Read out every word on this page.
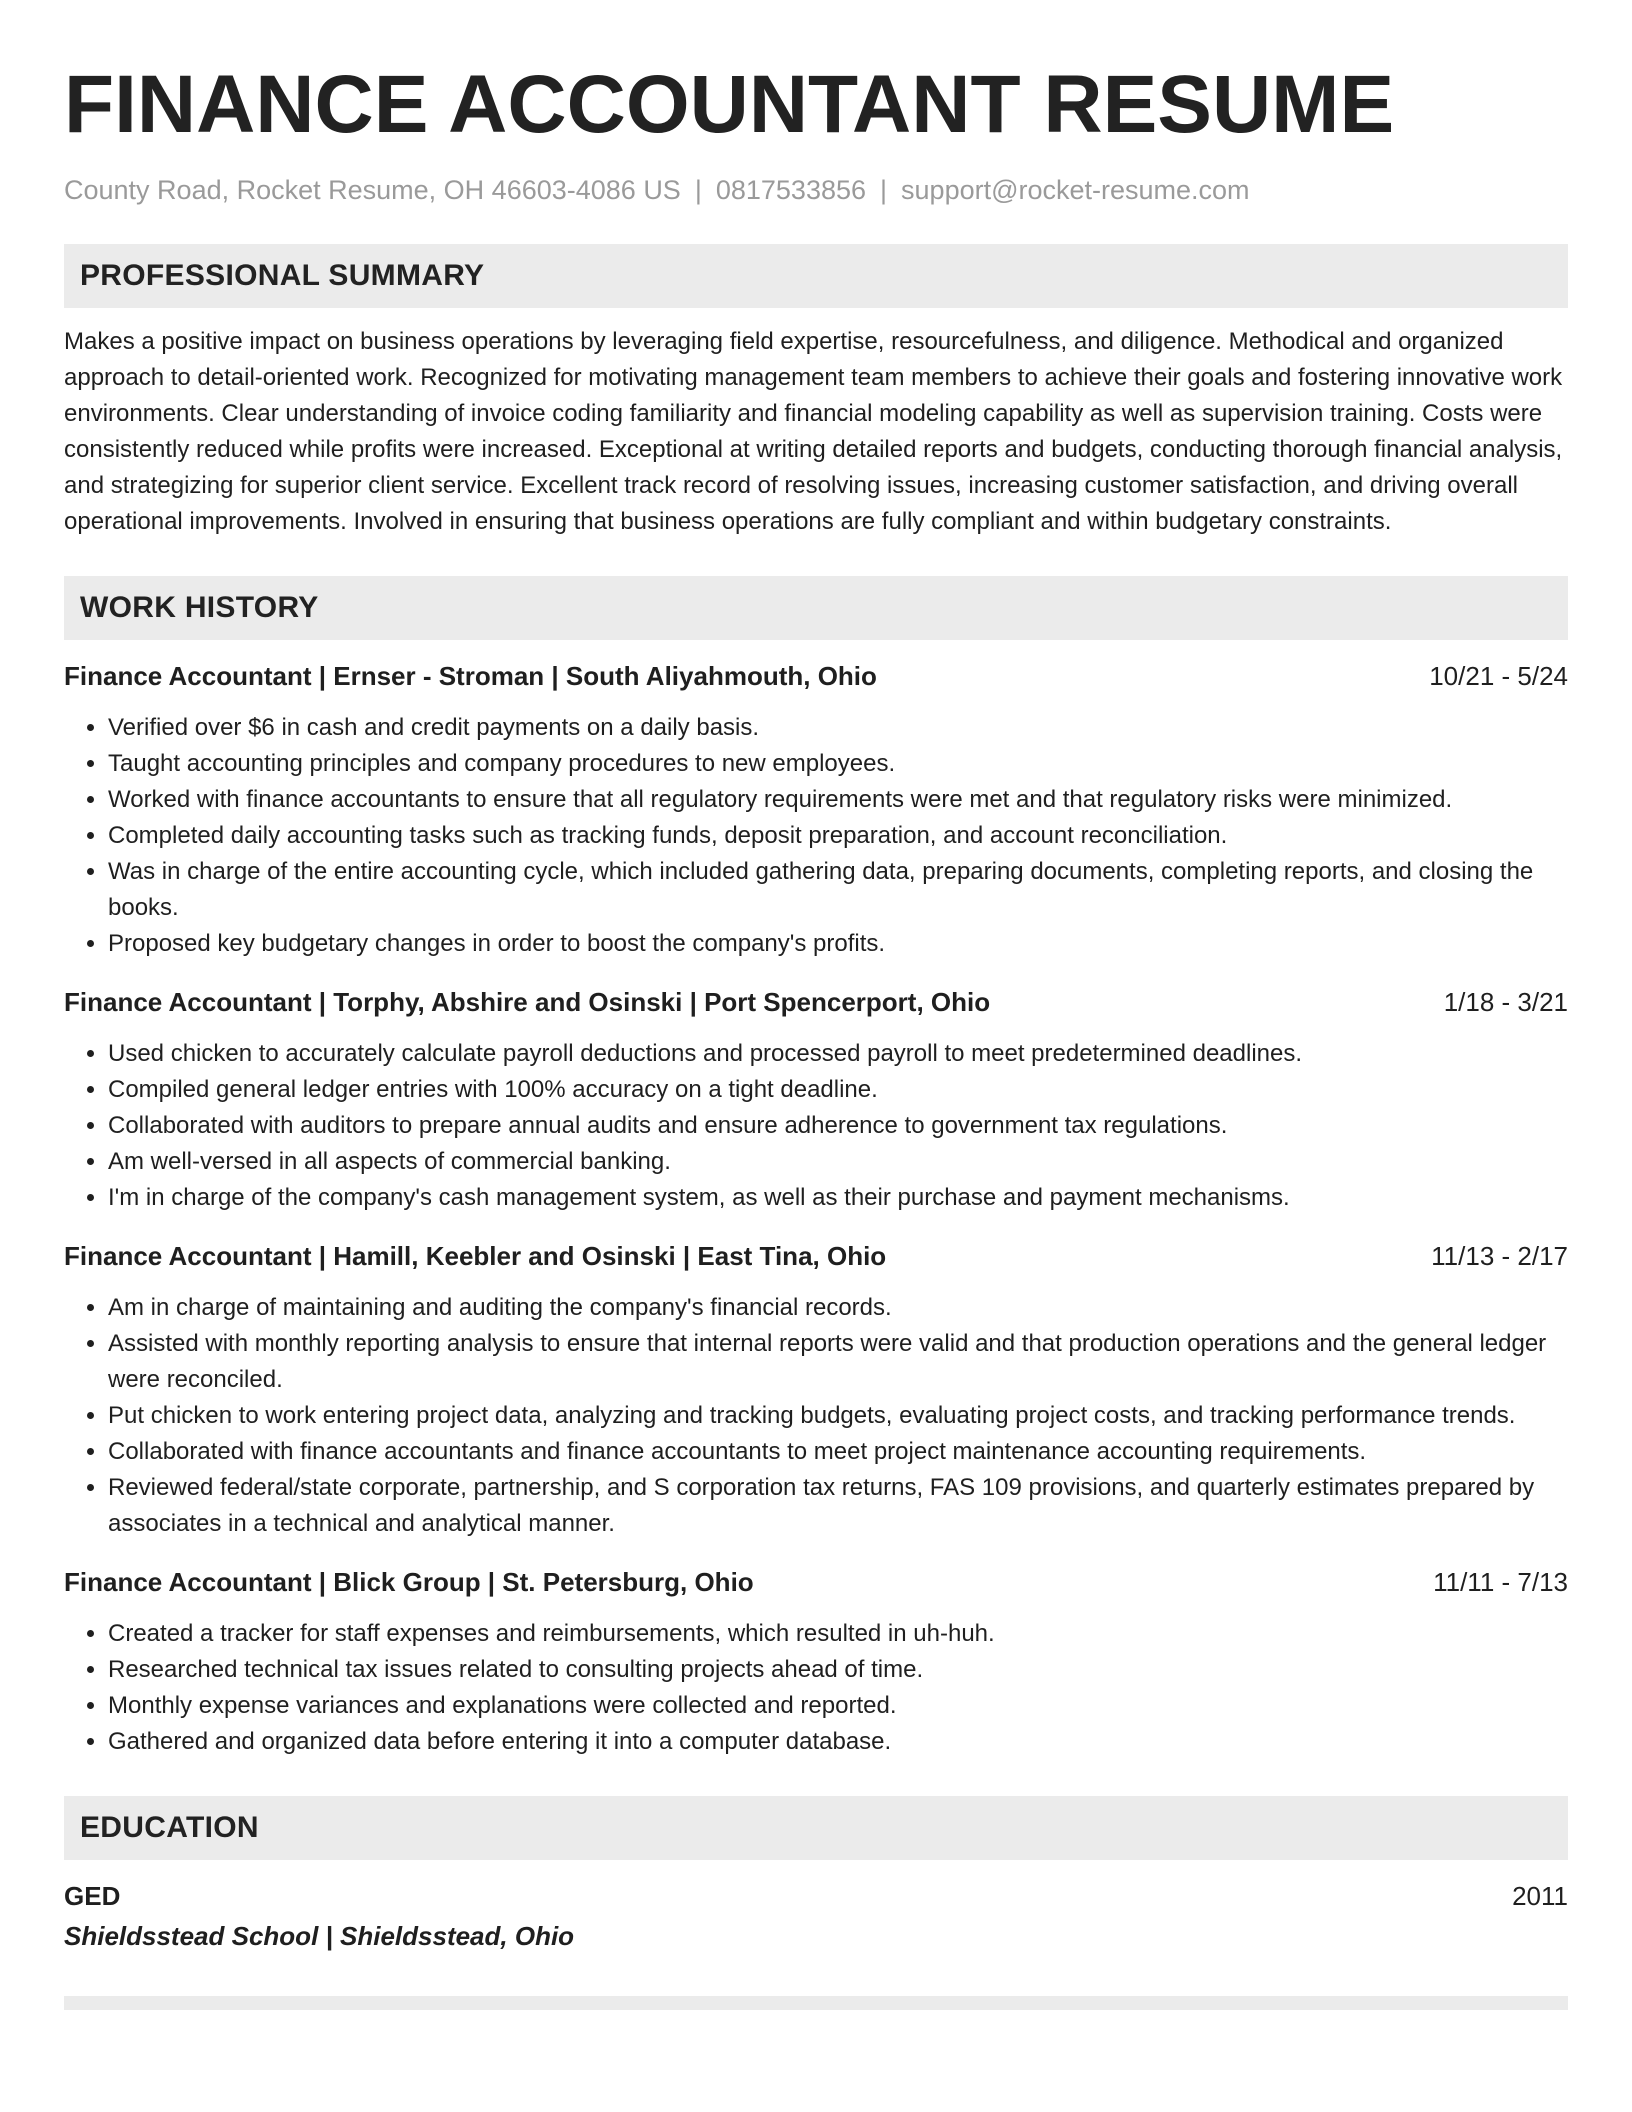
FINANCE ACCOUNTANT RESUME
County Road, Rocket Resume, OH 46603-4086 US | 0817533856 | support@rocket-resume.com
PROFESSIONAL SUMMARY
Makes a positive impact on business operations by leveraging field expertise, resourcefulness, and diligence. Methodical and organized approach to detail-oriented work. Recognized for motivating management team members to achieve their goals and fostering innovative work environments. Clear understanding of invoice coding familiarity and financial modeling capability as well as supervision training. Costs were consistently reduced while profits were increased. Exceptional at writing detailed reports and budgets, conducting thorough financial analysis, and strategizing for superior client service. Excellent track record of resolving issues, increasing customer satisfaction, and driving overall operational improvements. Involved in ensuring that business operations are fully compliant and within budgetary constraints.
WORK HISTORY
Finance Accountant | Ernser - Stroman | South Aliyahmouth, Ohio	10/21 - 5/24
• Verified over $6 in cash and credit payments on a daily basis.
• Taught accounting principles and company procedures to new employees.
• Worked with finance accountants to ensure that all regulatory requirements were met and that regulatory risks were minimized.
• Completed daily accounting tasks such as tracking funds, deposit preparation, and account reconciliation.
• Was in charge of the entire accounting cycle, which included gathering data, preparing documents, completing reports, and closing the books.
• Proposed key budgetary changes in order to boost the company's profits.
Finance Accountant | Torphy, Abshire and Osinski | Port Spencerport, Ohio	1/18 - 3/21
• Used chicken to accurately calculate payroll deductions and processed payroll to meet predetermined deadlines.
• Compiled general ledger entries with 100% accuracy on a tight deadline.
• Collaborated with auditors to prepare annual audits and ensure adherence to government tax regulations.
• Am well-versed in all aspects of commercial banking.
• I'm in charge of the company's cash management system, as well as their purchase and payment mechanisms.
Finance Accountant | Hamill, Keebler and Osinski | East Tina, Ohio	11/13 - 2/17
• Am in charge of maintaining and auditing the company's financial records.
• Assisted with monthly reporting analysis to ensure that internal reports were valid and that production operations and the general ledger were reconciled.
• Put chicken to work entering project data, analyzing and tracking budgets, evaluating project costs, and tracking performance trends.
• Collaborated with finance accountants and finance accountants to meet project maintenance accounting requirements.
• Reviewed federal/state corporate, partnership, and S corporation tax returns, FAS 109 provisions, and quarterly estimates prepared by associates in a technical and analytical manner.
Finance Accountant | Blick Group | St. Petersburg, Ohio	11/11 - 7/13
• Created a tracker for staff expenses and reimbursements, which resulted in uh-huh.
• Researched technical tax issues related to consulting projects ahead of time.
• Monthly expense variances and explanations were collected and reported.
• Gathered and organized data before entering it into a computer database.
EDUCATION
GED	2011
Shieldsstead School | Shieldsstead, Ohio
